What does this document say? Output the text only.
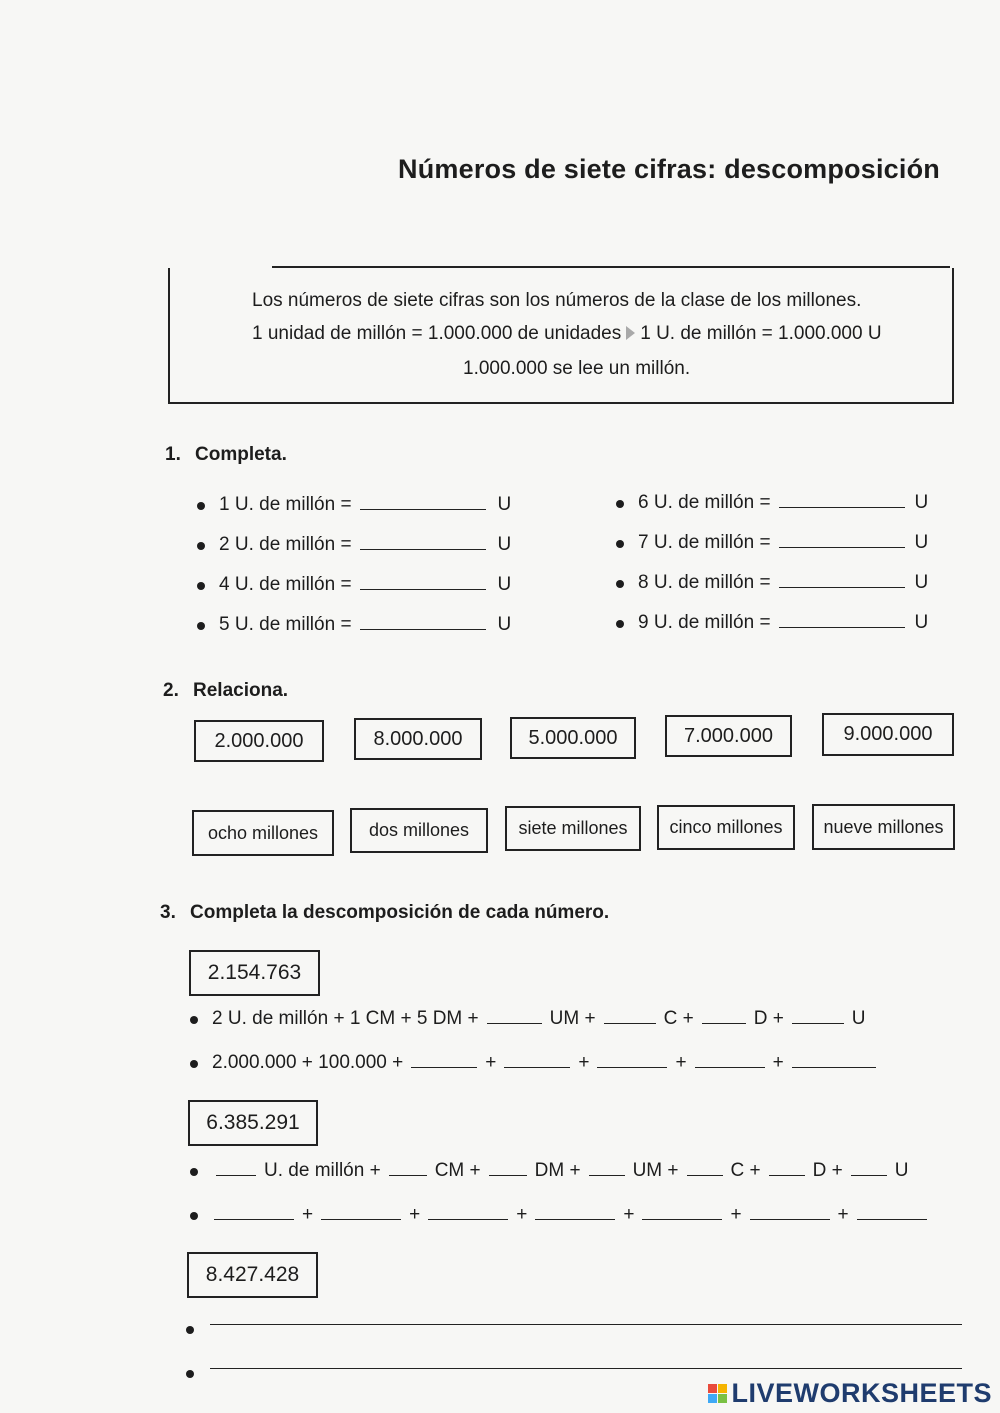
Números de siete cifras: descomposición
Los números de siete cifras son los números de la clase de los millones.
1 unidad de millón = 1.000.000 de unidades 1 U. de millón = 1.000.000 U
1.000.000 se lee un millón.
1. Completa.
1 U. de millón =	U
2 U. de millón =	U
4 U. de millón =	U
5 U. de millón =	U
6 U. de millón =	U
7 U. de millón =	U
8 U. de millón =	U
9 U. de millón =	U
2. Relaciona.
2.000.000	8.000.000	5.000.000	7.000.000	9.000.000
ocho millones	dos millones	siete millones	cinco millones	nueve millones
3. Completa la descomposición de cada número.
2.154.763
2 U. de millón + 1 CM + 5 DM +	UM +	C +	D +	U
2.000.000 + 100.000 +	+	+	+	+
6.385.291
U. de millón +	CM +	DM +	UM +	C +	D +	U
+	+	+	+	+	+
8.427.428
LIVEWORKSHEETS
